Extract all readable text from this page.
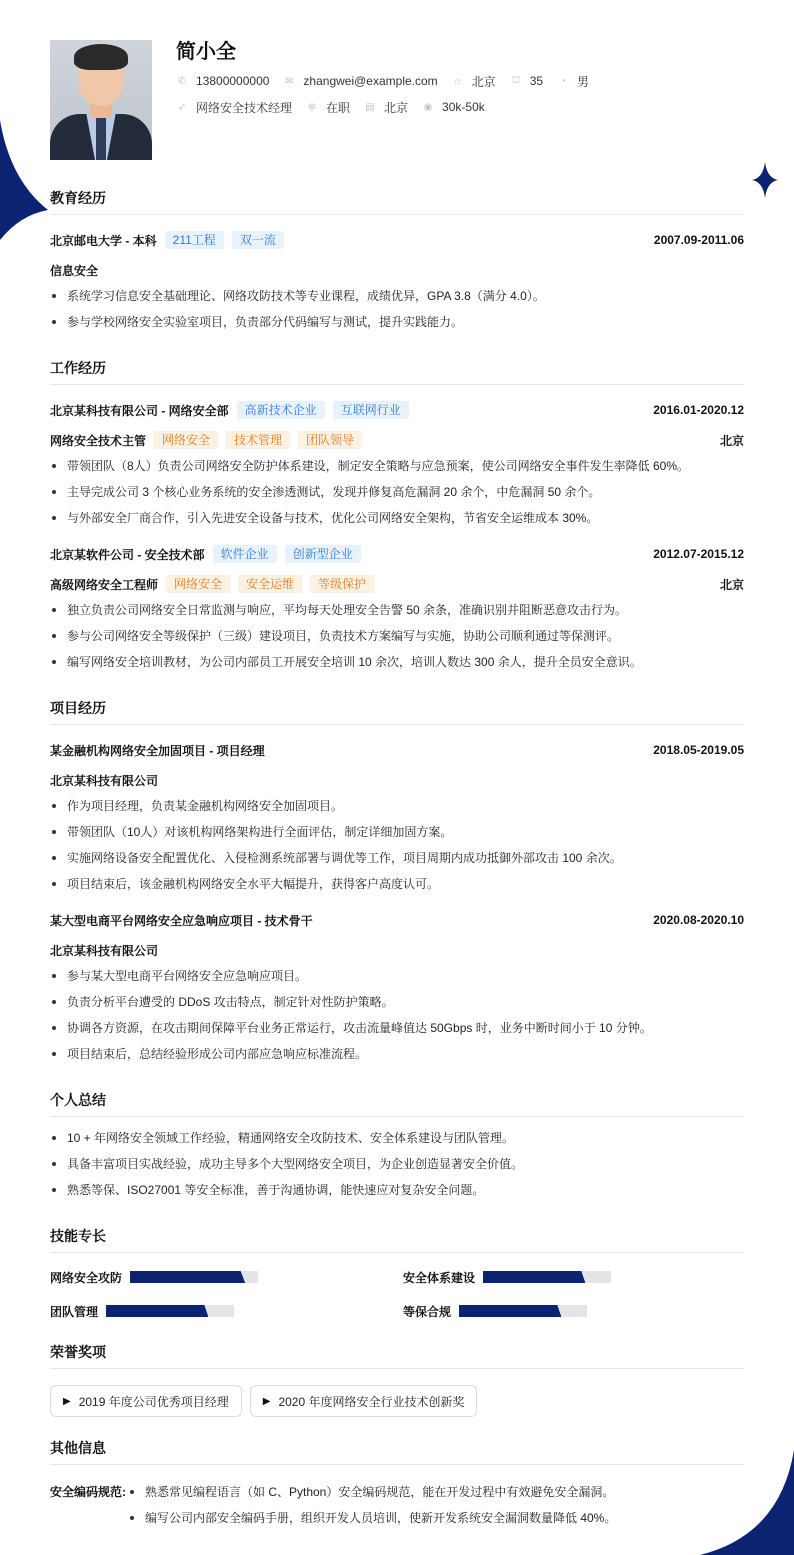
简小全
✆ 13800000000 ✉ zhangwei@example.com ⌂ 北京 ⛫ 35 ◔ 男
➶ 网络安全技术经理 ✲ 在职 ▤ 北京 ◉ 30k-50k
教育经历
北京邮电大学 - 本科	211工程	双一流	2007.09-2011.06
信息安全
系统学习信息安全基础理论、网络攻防技术等专业课程，成绩优异，GPA 3.8（满分 4.0）。
参与学校网络安全实验室项目，负责部分代码编写与测试，提升实践能力。
工作经历
北京某科技有限公司 - 网络安全部	高新技术企业	互联网行业	2016.01-2020.12
网络安全技术主管	网络安全	技术管理	团队领导	北京
带领团队（8人）负责公司网络安全防护体系建设，制定安全策略与应急预案，使公司网络安全事件发生率降低 60%。
主导完成公司 3 个核心业务系统的安全渗透测试，发现并修复高危漏洞 20 余个，中危漏洞 50 余个。
与外部安全厂商合作，引入先进安全设备与技术，优化公司网络安全架构，节省安全运维成本 30%。
北京某软件公司 - 安全技术部	软件企业	创新型企业	2012.07-2015.12
高级网络安全工程师	网络安全	安全运维	等级保护	北京
独立负责公司网络安全日常监测与响应，平均每天处理安全告警 50 余条，准确识别并阻断恶意攻击行为。
参与公司网络安全等级保护（三级）建设项目，负责技术方案编写与实施，协助公司顺利通过等保测评。
编写网络安全培训教材，为公司内部员工开展安全培训 10 余次，培训人数达 300 余人，提升全员安全意识。
项目经历
某金融机构网络安全加固项目 - 项目经理	2018.05-2019.05
北京某科技有限公司
作为项目经理，负责某金融机构网络安全加固项目。
带领团队（10人）对该机构网络架构进行全面评估，制定详细加固方案。
实施网络设备安全配置优化、入侵检测系统部署与调优等工作，项目周期内成功抵御外部攻击 100 余次。
项目结束后，该金融机构网络安全水平大幅提升，获得客户高度认可。
某大型电商平台网络安全应急响应项目 - 技术骨干	2020.08-2020.10
北京某科技有限公司
参与某大型电商平台网络安全应急响应项目。
负责分析平台遭受的 DDoS 攻击特点，制定针对性防护策略。
协调各方资源，在攻击期间保障平台业务正常运行，攻击流量峰值达 50Gbps 时，业务中断时间小于 10 分钟。
项目结束后，总结经验形成公司内部应急响应标准流程。
个人总结
10 + 年网络安全领域工作经验，精通网络安全攻防技术、安全体系建设与团队管理。
具备丰富项目实战经验，成功主导多个大型网络安全项目，为企业创造显著安全价值。
熟悉等保、ISO27001 等安全标准，善于沟通协调，能快速应对复杂安全问题。
技能专长
网络安全攻防	安全体系建设
团队管理	等保合规
荣誉奖项
▶ 2019 年度公司优秀项目经理	▶ 2020 年度网络安全行业技术创新奖
其他信息
安全编码规范:	熟悉常见编程语言（如 C、Python）安全编码规范，能在开发过程中有效避免安全漏洞。
编写公司内部安全编码手册，组织开发人员培训，使新开发系统安全漏洞数量降低 40%。
